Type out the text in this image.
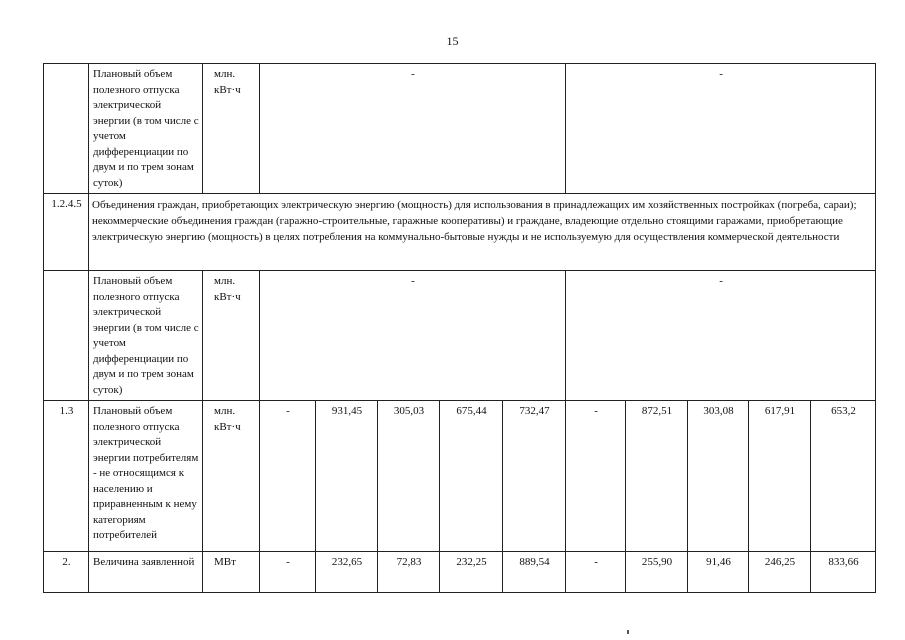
15
	Плановый объем полезного отпуска электрической энергии (в том числе с учетом дифференциации по двум и по трем зонам суток)	млн. кВт·ч	-					-				
1.2.4.5	Объединения граждан, приобретающих электрическую энергию (мощность) для использования в принадлежащих им хозяйственных постройках (погреба, сараи); некоммерческие объединения граждан (гаражно-строительные, гаражные кооперативы) и граждане, владеющие отдельно стоящими гаражами, приобретающие электрическую энергию (мощность) в целях потребления на коммунально-бытовые нужды и не используемую для осуществления коммерческой деятельности											
	Плановый объем полезного отпуска электрической энергии (в том числе с учетом дифференциации по двум и по трем зонам суток)	млн. кВт·ч	-					-				
1.3	Плановый объем полезного отпуска электрической энергии потребителям - не относящимся к населению и приравненным к нему категориям потребителей	млн. кВт·ч	-	931,45	305,03	675,44	732,47	-	872,51	303,08	617,91	653,2
2.	Величина заявленной	МВт	-	232,65	72,83	232,25	889,54	-	255,90	91,46	246,25	833,66
